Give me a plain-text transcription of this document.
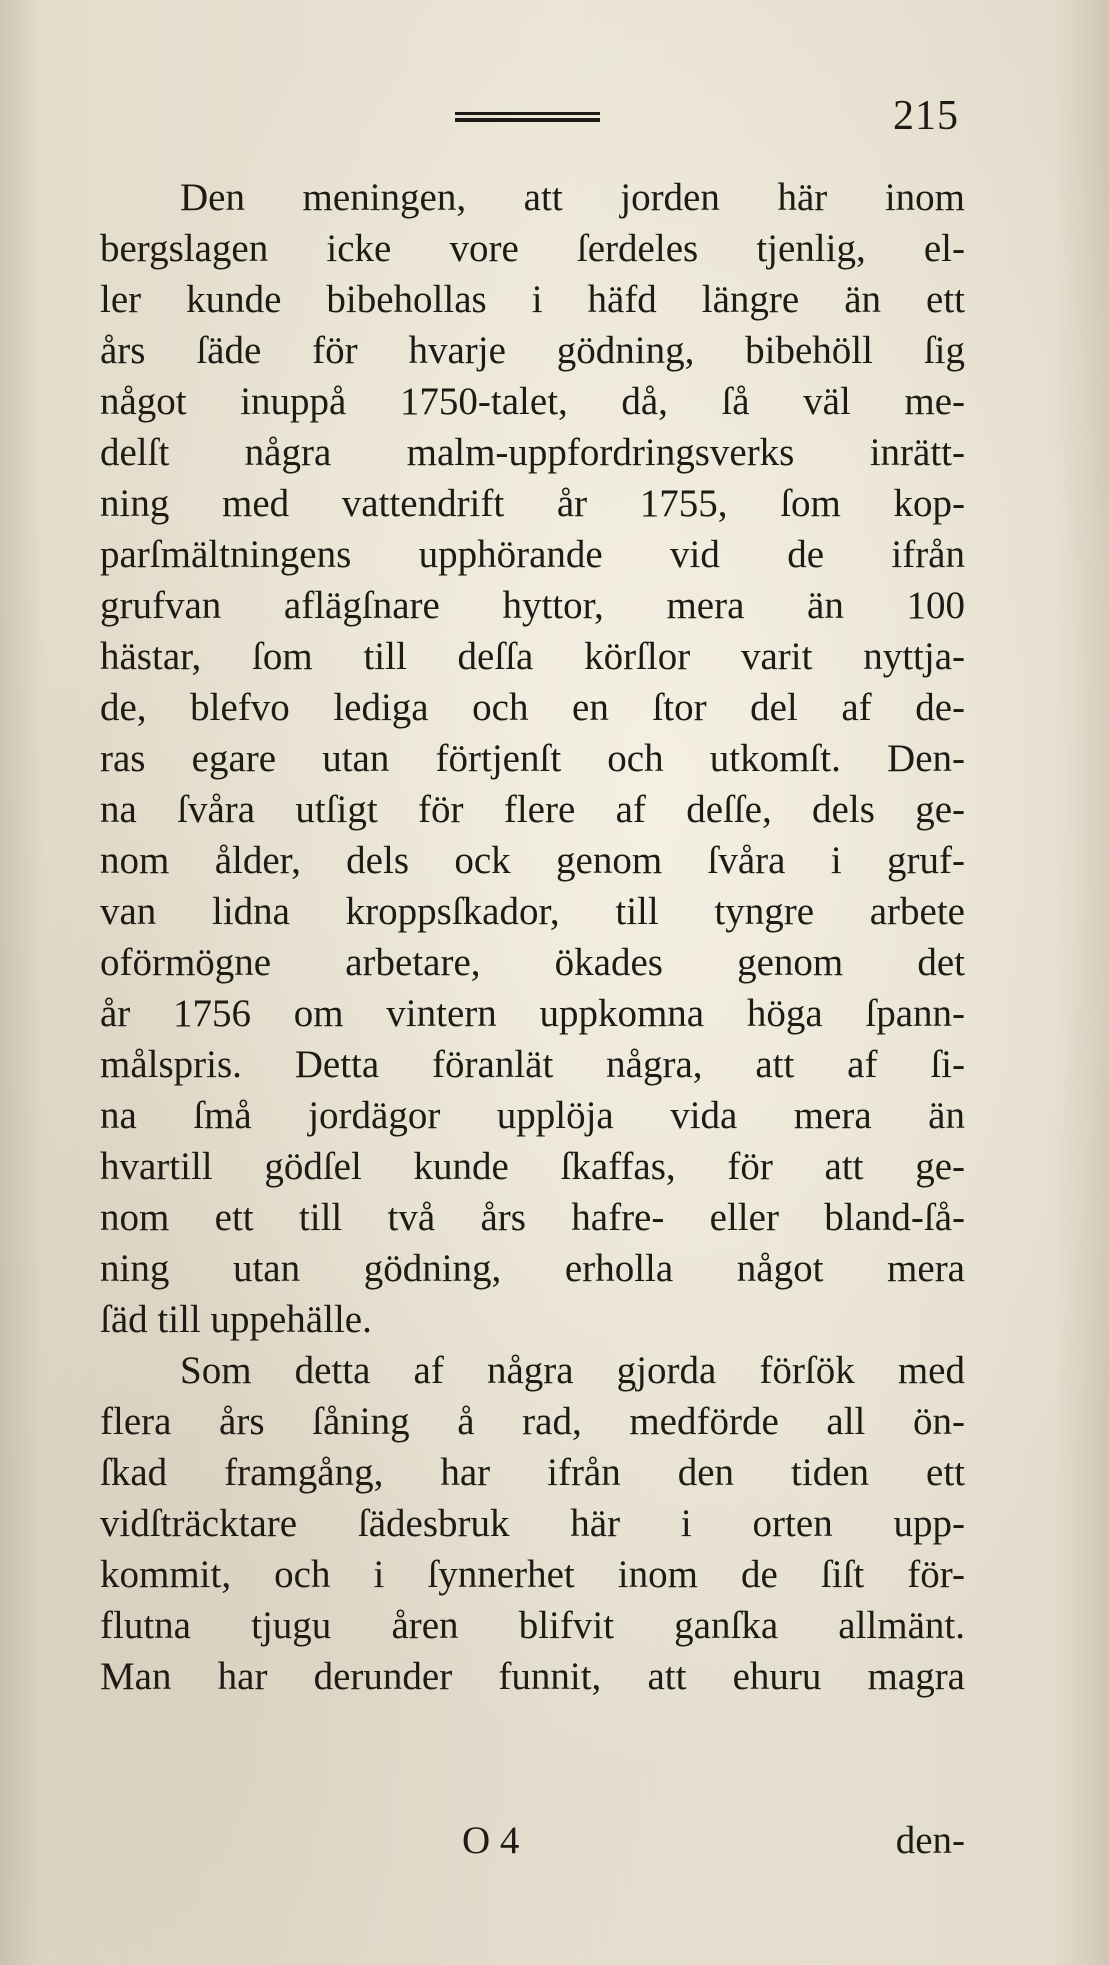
215
Den meningen, att jorden här inom
bergslagen icke vore ſerdeles tjenlig, el-
ler kunde bibehollas i häfd längre än ett
års ſäde för hvarje gödning, bibehöll ſig
något inuppå 1750-talet, då, ſå väl me-
delſt några malm-uppfordringsverks inrätt-
ning med vattendrift år 1755, ſom kop-
parſmältningens upphörande vid de ifrån
grufvan aflägſnare hyttor, mera än 100
hästar, ſom till deſſa körſlor varit nyttja-
de, blefvo lediga och en ſtor del af de-
ras egare utan förtjenſt och utkomſt. Den-
na ſvåra utſigt för flere af deſſe, dels ge-
nom ålder, dels ock genom ſvåra i gruf-
van lidna kroppsſkador, till tyngre arbete
oförmögne arbetare, ökades genom det
år 1756 om vintern uppkomna höga ſpann-
målspris. Detta föranlät några, att af ſi-
na ſmå jordägor upplöja vida mera än
hvartill gödſel kunde ſkaffas, för att ge-
nom ett till två års hafre- eller bland-ſå-
ning utan gödning, erholla något mera
ſäd till uppehälle.
Som detta af några gjorda förſök med
flera års ſåning å rad, medförde all ön-
ſkad framgång, har ifrån den tiden ett
vidſträcktare ſädesbruk här i orten upp-
kommit, och i ſynnerhet inom de ſiſt för-
flutna tjugu åren blifvit ganſka allmänt.
Man har derunder funnit, att ehuru magra
O 4	den-
